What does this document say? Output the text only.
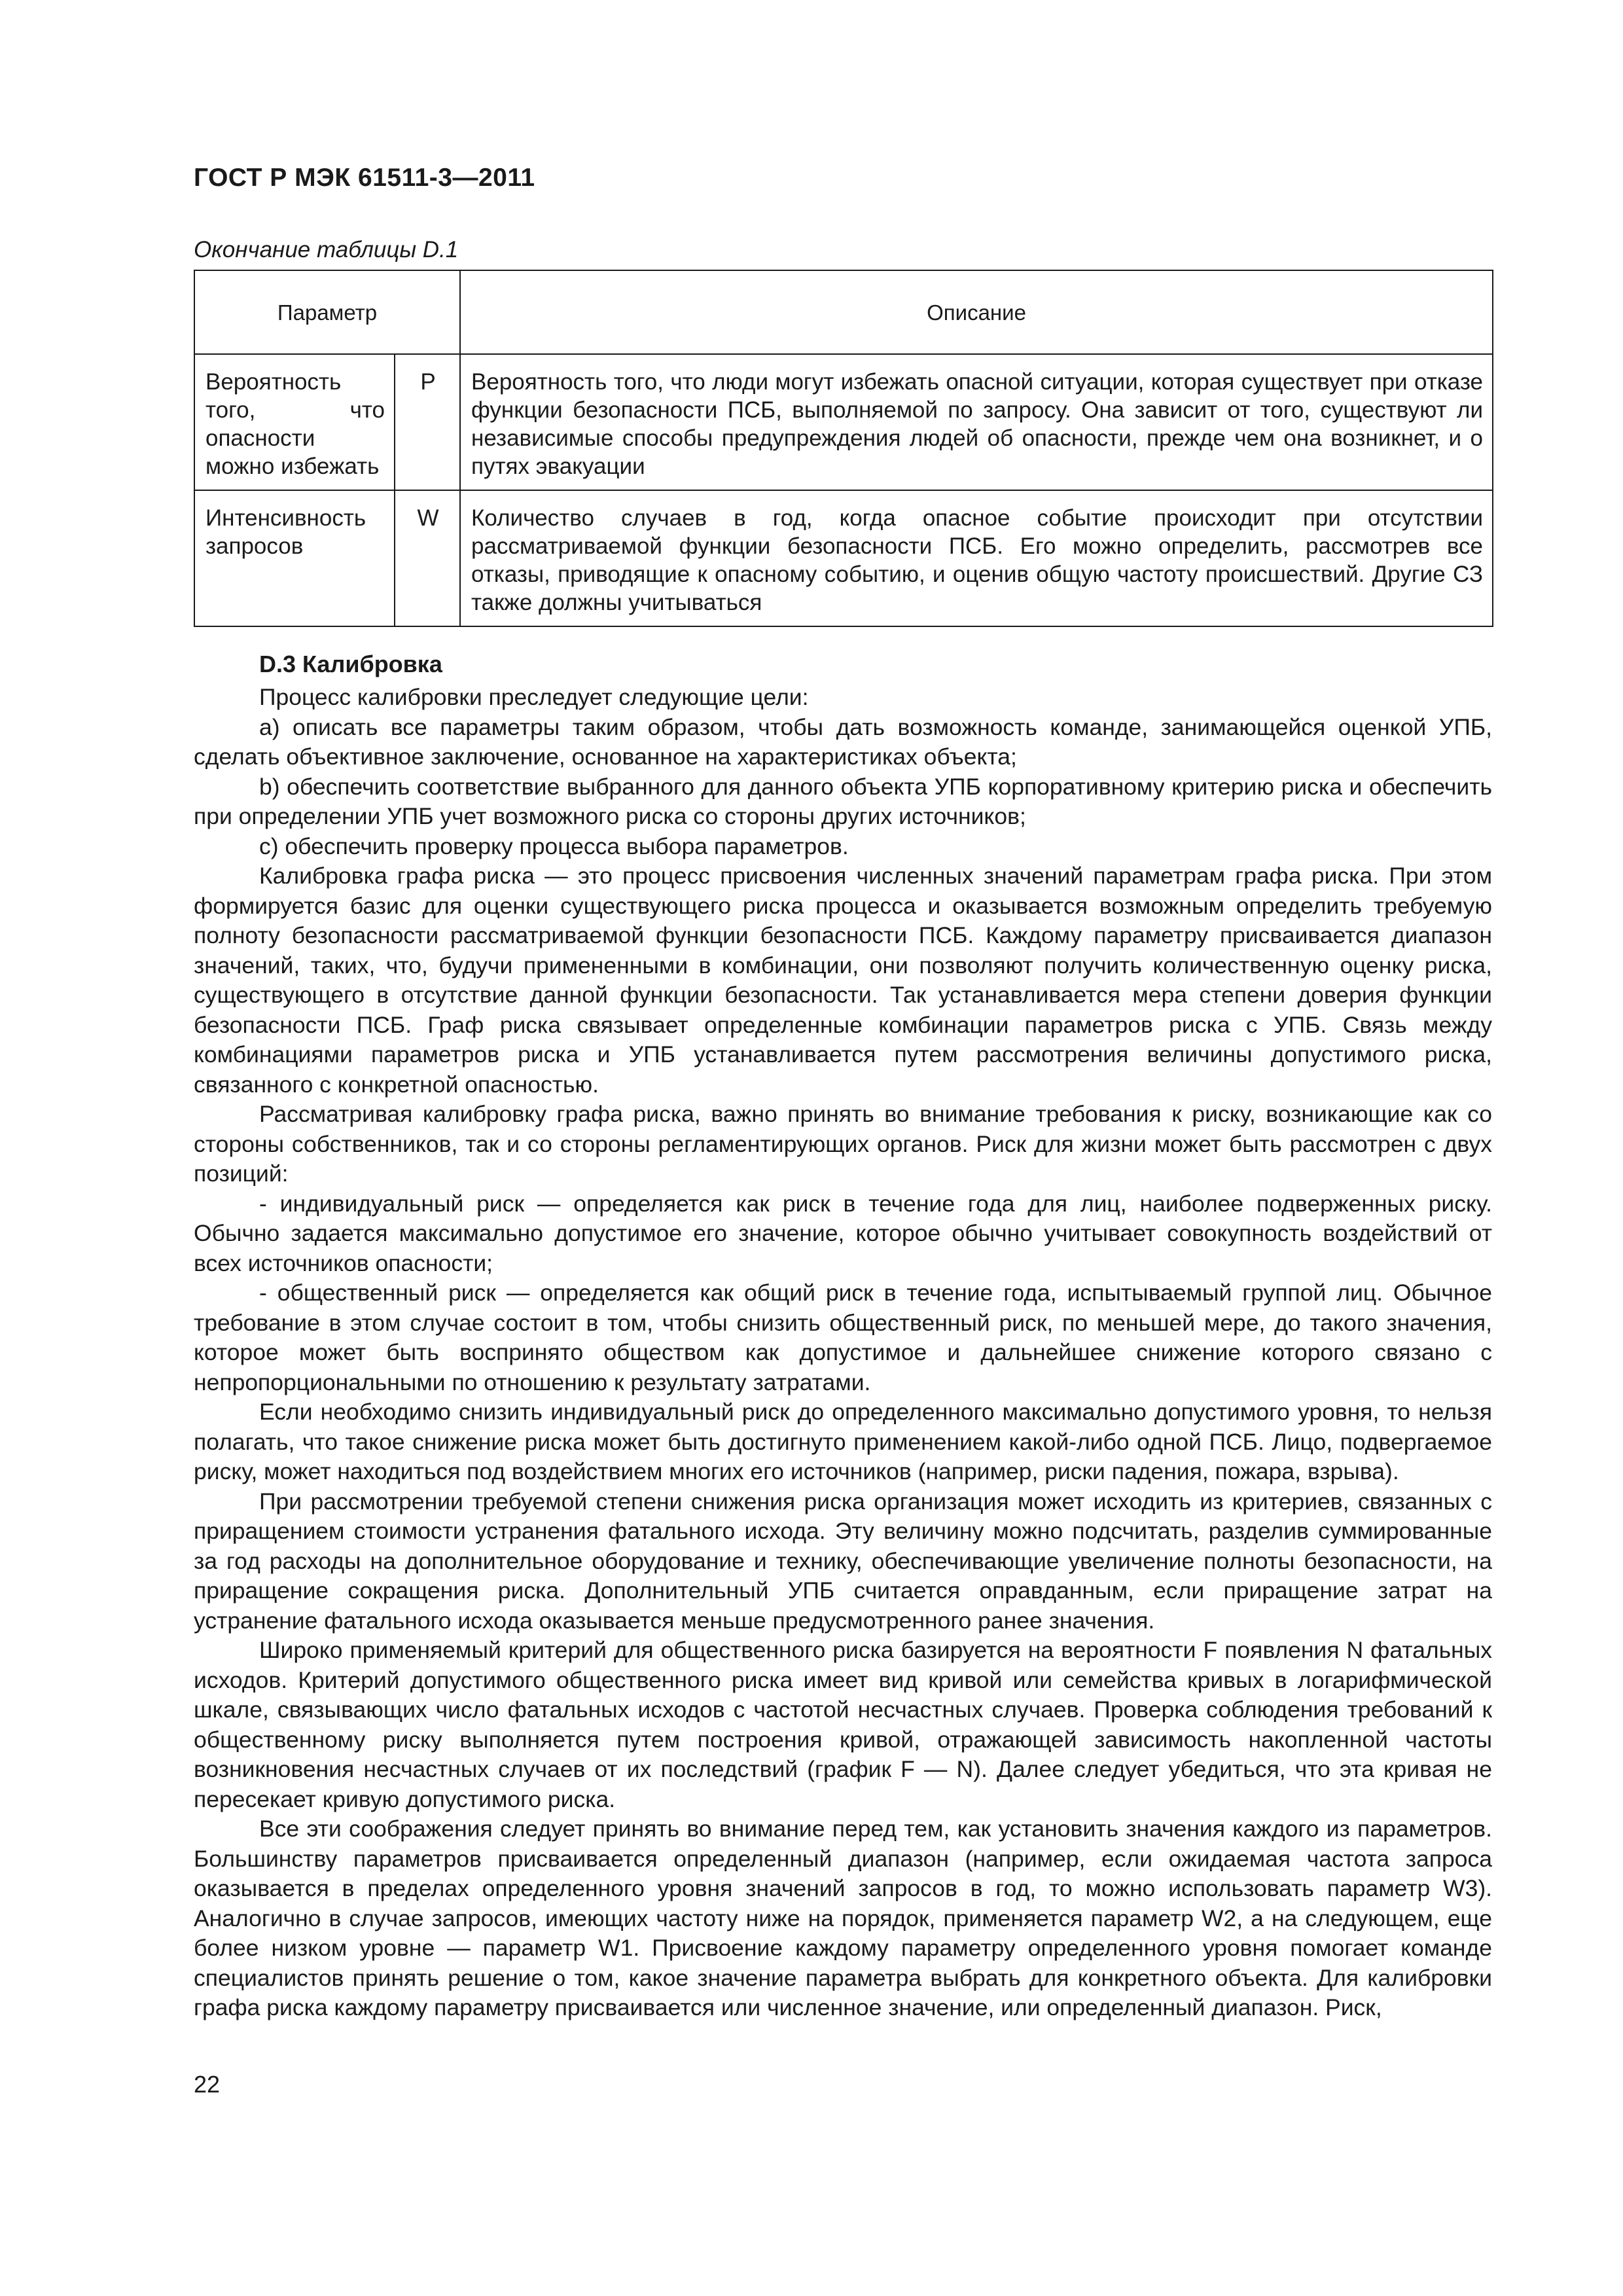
ГОСТ Р МЭК 61511-3—2011
Окончание таблицы D.1
Параметр		Описание
Вероятность того, что опасности можно избежать	P	Вероятность того, что люди могут избежать опасной ситуации, которая существует при отказе функции безопасности ПСБ, выполняемой по запросу. Она зависит от того, существуют ли независимые способы предупреждения людей об опасности, прежде чем она возникнет, и о путях эвакуации
Интенсивность запросов	W	Количество случаев в год, когда опасное событие происходит при отсутствии рассматриваемой функции безопасности ПСБ. Его можно определить, рассмотрев все отказы, приводящие к опасному событию, и оценив общую частоту происшествий. Другие СЗ также должны учитываться
D.3 Калибровка

Процесс калибровки преследует следующие цели:

а) описать все параметры таким образом, чтобы дать возможность команде, занимающейся оценкой УПБ, сделать объективное заключение, основанное на характеристиках объекта;

b) обеспечить соответствие выбранного для данного объекта УПБ корпоративному критерию риска и обеспечить при определении УПБ учет возможного риска со стороны других источников;

c) обеспечить проверку процесса выбора параметров.

Калибровка графа риска — это процесс присвоения численных значений параметрам графа риска. При этом формируется базис для оценки существующего риска процесса и оказывается возможным определить требуемую полноту безопасности рассматриваемой функции безопасности ПСБ. Каждому параметру присваивается диапазон значений, таких, что, будучи примененными в комбинации, они позволяют получить количественную оценку риска, существующего в отсутствие данной функции безопасности. Так устанавливается мера степени доверия функции безопасности ПСБ. Граф риска связывает определенные комбинации параметров риска с УПБ. Связь между комбинациями параметров риска и УПБ устанавливается путем рассмотрения величины допустимого риска, связанного с конкретной опасностью.

Рассматривая калибровку графа риска, важно принять во внимание требования к риску, возникающие как со стороны собственников, так и со стороны регламентирующих органов. Риск для жизни может быть рассмотрен с двух позиций:

- индивидуальный риск — определяется как риск в течение года для лиц, наиболее подверженных риску. Обычно задается максимально допустимое его значение, которое обычно учитывает совокупность воздействий от всех источников опасности;

- общественный риск — определяется как общий риск в течение года, испытываемый группой лиц. Обычное требование в этом случае состоит в том, чтобы снизить общественный риск, по меньшей мере, до такого значения, которое может быть воспринято обществом как допустимое и дальнейшее снижение которого связано с непропорциональными по отношению к результату затратами.

Если необходимо снизить индивидуальный риск до определенного максимально допустимого уровня, то нельзя полагать, что такое снижение риска может быть достигнуто применением какой-либо одной ПСБ. Лицо, подвергаемое риску, может находиться под воздействием многих его источников (например, риски падения, пожара, взрыва).

При рассмотрении требуемой степени снижения риска организация может исходить из критериев, связанных с приращением стоимости устранения фатального исхода. Эту величину можно подсчитать, разделив суммированные за год расходы на дополнительное оборудование и технику, обеспечивающие увеличение полноты безопасности, на приращение сокращения риска. Дополнительный УПБ считается оправданным, если приращение затрат на устранение фатального исхода оказывается меньше предусмотренного ранее значения.

Широко применяемый критерий для общественного риска базируется на вероятности F появления N фатальных исходов. Критерий допустимого общественного риска имеет вид кривой или семейства кривых в логарифмической шкале, связывающих число фатальных исходов с частотой несчастных случаев. Проверка соблюдения требований к общественному риску выполняется путем построения кривой, отражающей зависимость накопленной частоты возникновения несчастных случаев от их последствий (график F — N). Далее следует убедиться, что эта кривая не пересекает кривую допустимого риска.

Все эти соображения следует принять во внимание перед тем, как установить значения каждого из параметров. Большинству параметров присваивается определенный диапазон (например, если ожидаемая частота запроса оказывается в пределах определенного уровня значений запросов в год, то можно использовать параметр W3). Аналогично в случае запросов, имеющих частоту ниже на порядок, применяется параметр W2, а на следующем, еще более низком уровне — параметр W1. Присвоение каждому параметру определенного уровня помогает команде специалистов принять решение о том, какое значение параметра выбрать для конкретного объекта. Для калибровки графа риска каждому параметру присваивается или численное значение, или определенный диапазон. Риск,

22
